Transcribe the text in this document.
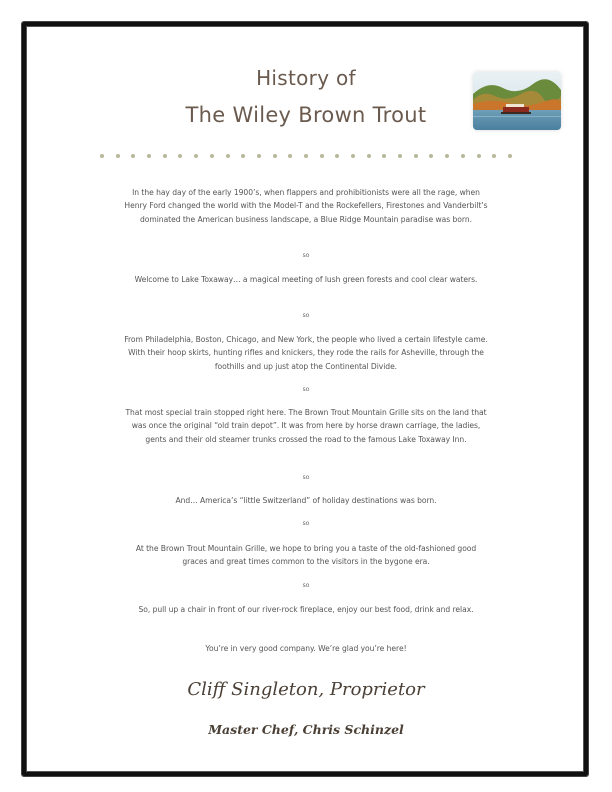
History of
The Wiley Brown Trout
In the hay day of the early 1900’s, when flappers and prohibitionists were all the rage, when Henry Ford changed the world with the Model-T and the Rockefellers, Firestones and Vanderbilt’s dominated the American business landscape, a Blue Ridge Mountain paradise was born.
so
Welcome to Lake Toxaway… a magical meeting of lush green forests and cool clear waters.
so
From Philadelphia, Boston, Chicago, and New York, the people who lived a certain lifestyle came. With their hoop skirts, hunting rifles and knickers, they rode the rails for Asheville, through the foothills and up just atop the Continental Divide.
so
That most special train stopped right here. The Brown Trout Mountain Grille sits on the land that was once the original “old train depot”. It was from here by horse drawn carriage, the ladies, gents and their old steamer trunks crossed the road to the famous Lake Toxaway Inn.
so
And… America’s “little Switzerland” of holiday destinations was born.
so
At the Brown Trout Mountain Grille, we hope to bring you a taste of the old-fashioned good graces and great times common to the visitors in the bygone era.
so
So, pull up a chair in front of our river-rock fireplace, enjoy our best food, drink and relax.
You’re in very good company. We’re glad you’re here!
Cliff Singleton, Proprietor
Master Chef, Chris Schinzel
